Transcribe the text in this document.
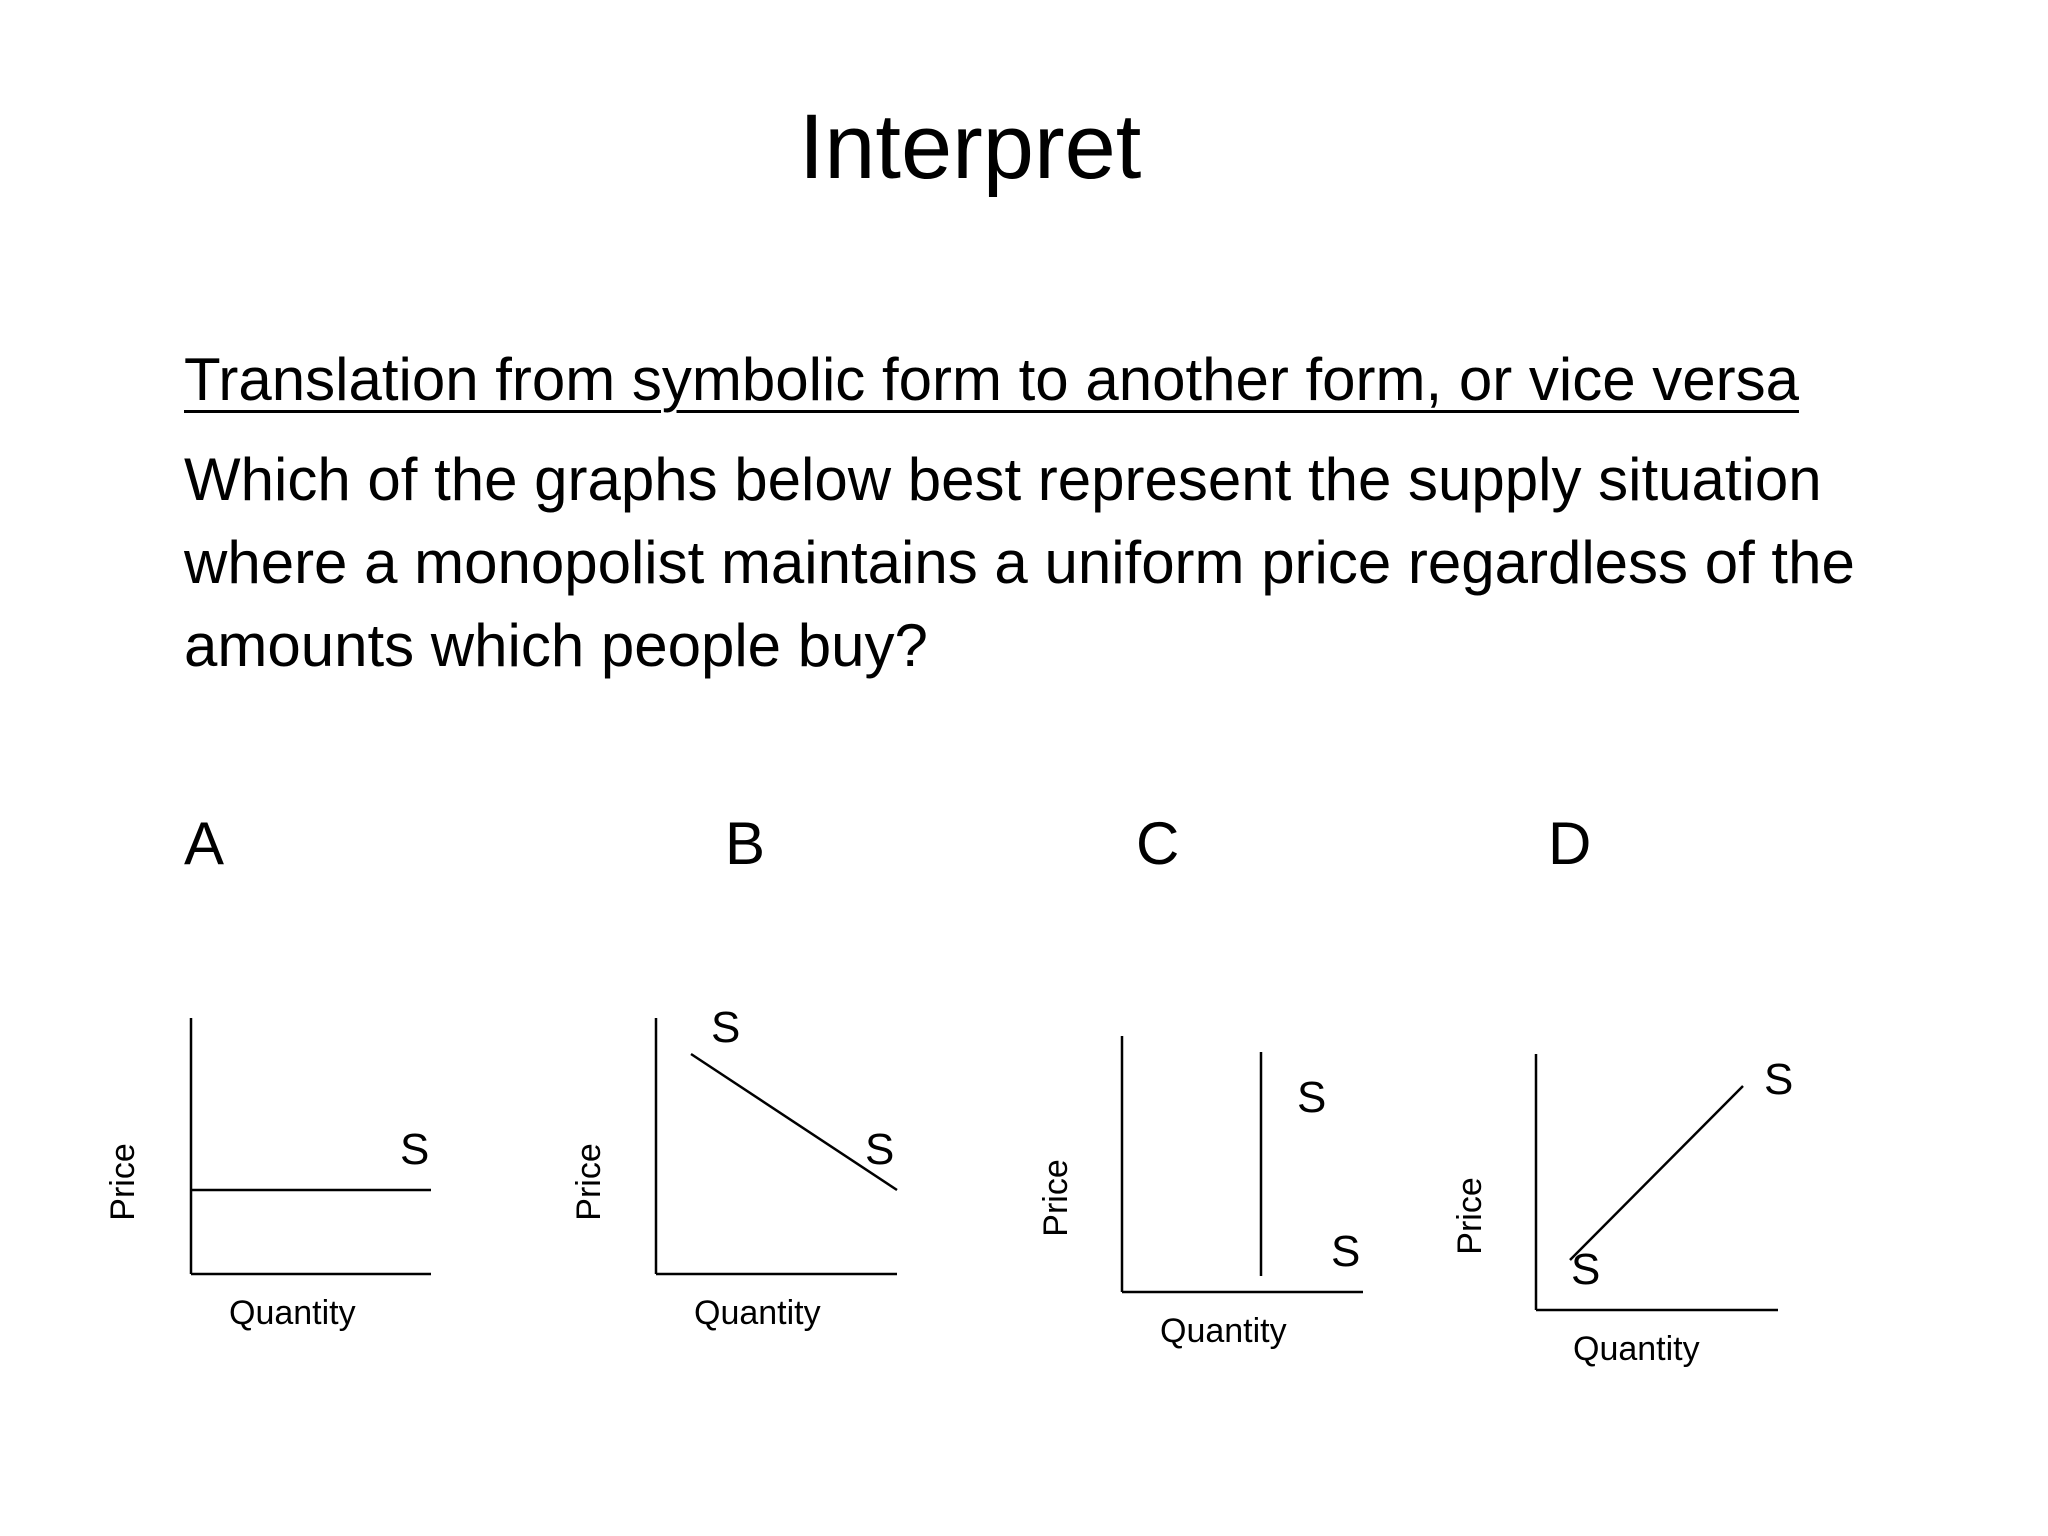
Interpret
Translation from symbolic form to another form, or vice versa
Which of the graphs below best represent the supply situation where a monopolist maintains a uniform price regardless of the amounts which people buy?
A	B	C	D
S
Quantity
Price
S
S
Quantity
Price
S
S
Quantity
Price
S
S
Quantity
Price
